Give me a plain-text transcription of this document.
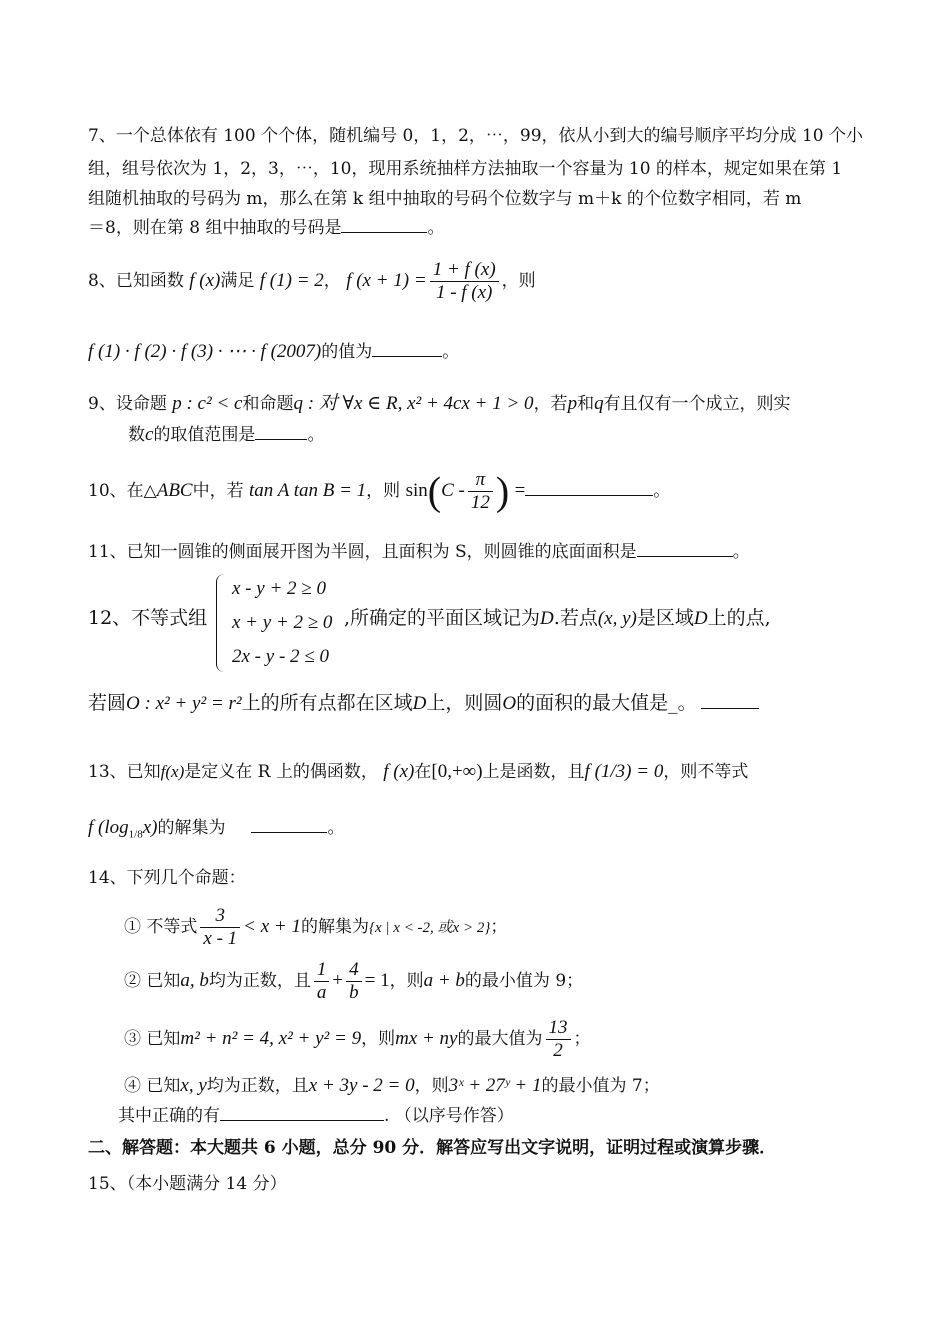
7、一个总体依有 100 个个体，随机编号 0，1，2，⋯，99，依从小到大的编号顺序平均分成 10 个小
组，组号依次为 1，2，3，⋯，10，现用系统抽样方法抽取一个容量为 10 的样本，规定如果在第 1
组随机抽取的号码为 m，那么在第 k 组中抽取的号码个位数字与 m＋k 的个位数字相同，若 m
＝8，则在第 8 组中抽取的号码是	。
8、已知函数 f (x)满足 f (1) = 2， f $(x + 1) = \frac{1 + f (x)}{1 - f (x)}$ ，则
f (1) · f (2) · f (3) · ⋯ · f (2007)的值为	。
9、设命题 p : c² < c和命题q : 对 ∀x ∈ R, x² + 4cx + 1 > 0，若p和q有且仅有一个成立，则实
数c的取值范围是	。
10、在△ABC中，若 tan A tan B = 1，则 $\sin(C - \frac{\pi}{12}$ ) =	。
11、已知一圆锥的侧面展开图为半圆，且面积为 S，则圆锥的底面面积是	。
12、不等式组
x - y + 2 ≥ 0
x + y + 2 ≥ 0
2x - y - 2 ≤ 0
,所确定的平面区域记为D.若点(x, y)是区域D上的点,
若圆O : x² + y² = r²上的所有点都在区域D上，则圆O的面积的最大值是_。
13、已知f(x)是定义在 R 上的偶函数， f (x)在[0,+∞)上是函数，且f (1/3) = 0，则不等式
f $(\log_{1/8}x)$的解集为	。
14、下列几个命题：
① 不等式 $\frac{3}{x - 1} < x + 1$的解集为{x | x < -2, 或x > 2}；
② 已知a, b均为正数，且 $\frac{1}{a} + \frac{4}{b} = 1$，则a + b的最小值为 9；
③ 已知m² + n² = 4, x² + y² = 9，则mx + ny的最大值为 $\frac{13}{2}$ ；
④ 已知x, y均为正数，且x + 3y - 2 = 0，则3ˣ + 27ʸ + 1的最小值为 7；
其中正确的有	. （以序号作答）
二、解答题：本大题共 6 小题，总分 90 分．解答应写出文字说明，证明过程或演算步骤．
15、（本小题满分 14 分）
